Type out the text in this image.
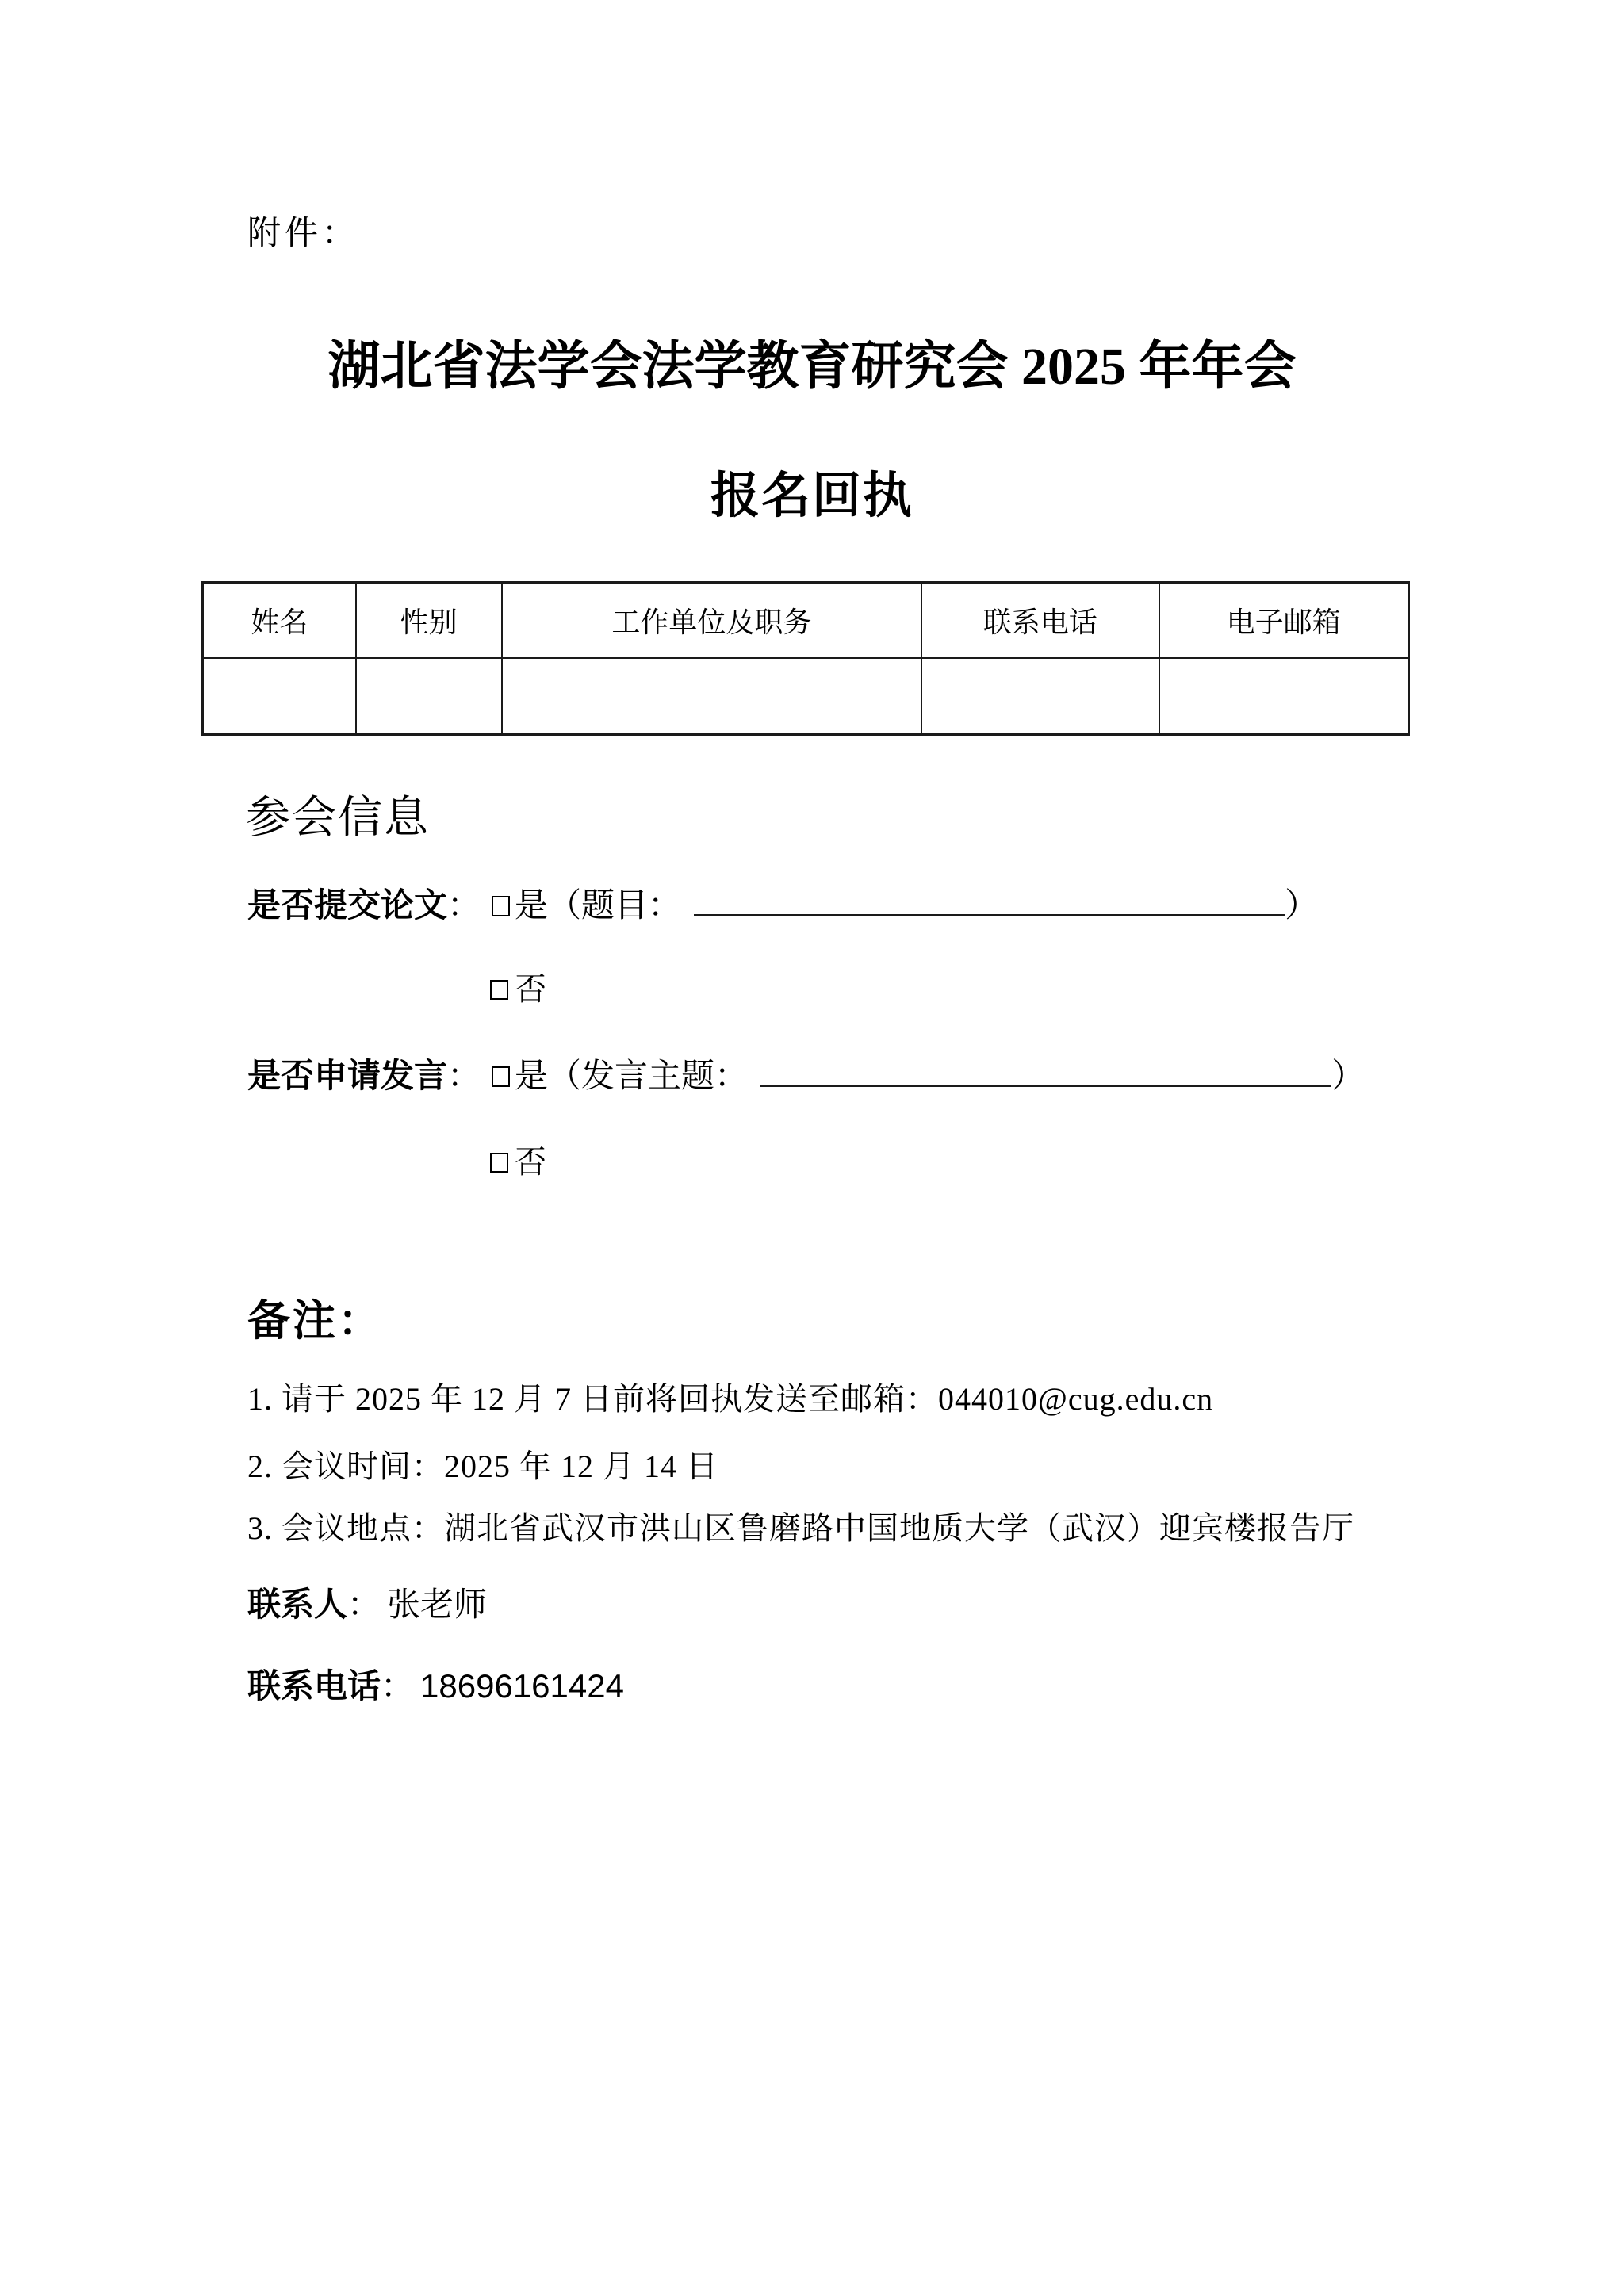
附件：
湖北省法学会法学教育研究会 2025 年年会
报名回执
姓名	性别	工作单位及职务	联系电话	电子邮箱

参会信息
是否提交论文： 是（题目：	）
否
是否申请发言： 是（发言主题：	）
否
备注：
1. 请于 2025 年 12 月 7 日前将回执发送至邮箱：044010@cug.edu.cn
2. 会议时间：2025 年 12 月 14 日
3. 会议地点：湖北省武汉市洪山区鲁磨路中国地质大学（武汉）迎宾楼报告厅
联系人： 张老师
联系电话： 18696161424
